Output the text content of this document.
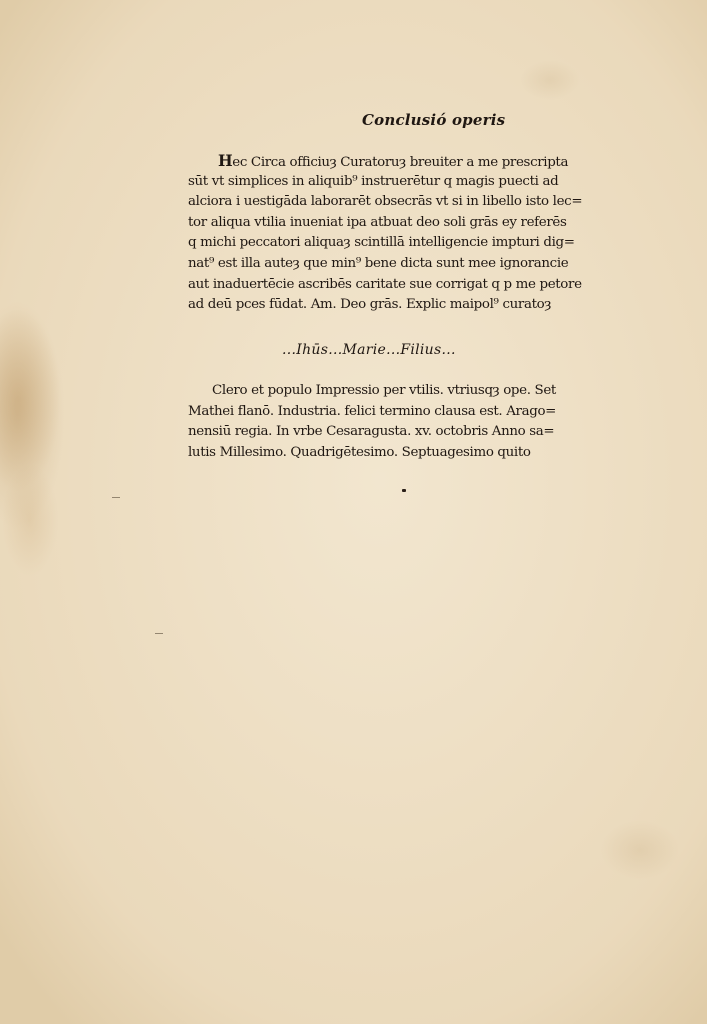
Conclusió operis
Hec Circa officiuȝ Curatoruȝ breuiter a me prescripta
sūt vt simplices in aliquib⁹ instruerētur q magis puecti ad
alciora i uestigāda laborarēt obsecrās vt si in libello isto lec=
tor aliqua vtilia inueniat ipa atbuat deo soli grās ey referēs
q michi peccatori aliquaȝ scintillā intelligencie impturi dig=
nat⁹ est illa auteȝ que min⁹ bene dicta sunt mee ignorancie
aut inaduertēcie ascribēs caritate sue corrigat q p me petore
ad deū pces fūdat. Am. Deo grās. Explic maipol⁹ curatoȝ
...Ihūs...Marie...Filius...
Clero et populo Impressio per vtilis. vtriusqȝ ope. Set
Mathei flanō. Industria. felici termino clausa est. Arago=
nensiū regia. In vrbe Cesaragusta. xv. octobris Anno sa=
lutis Millesimo. Quadrigētesimo. Septuagesimo quito
